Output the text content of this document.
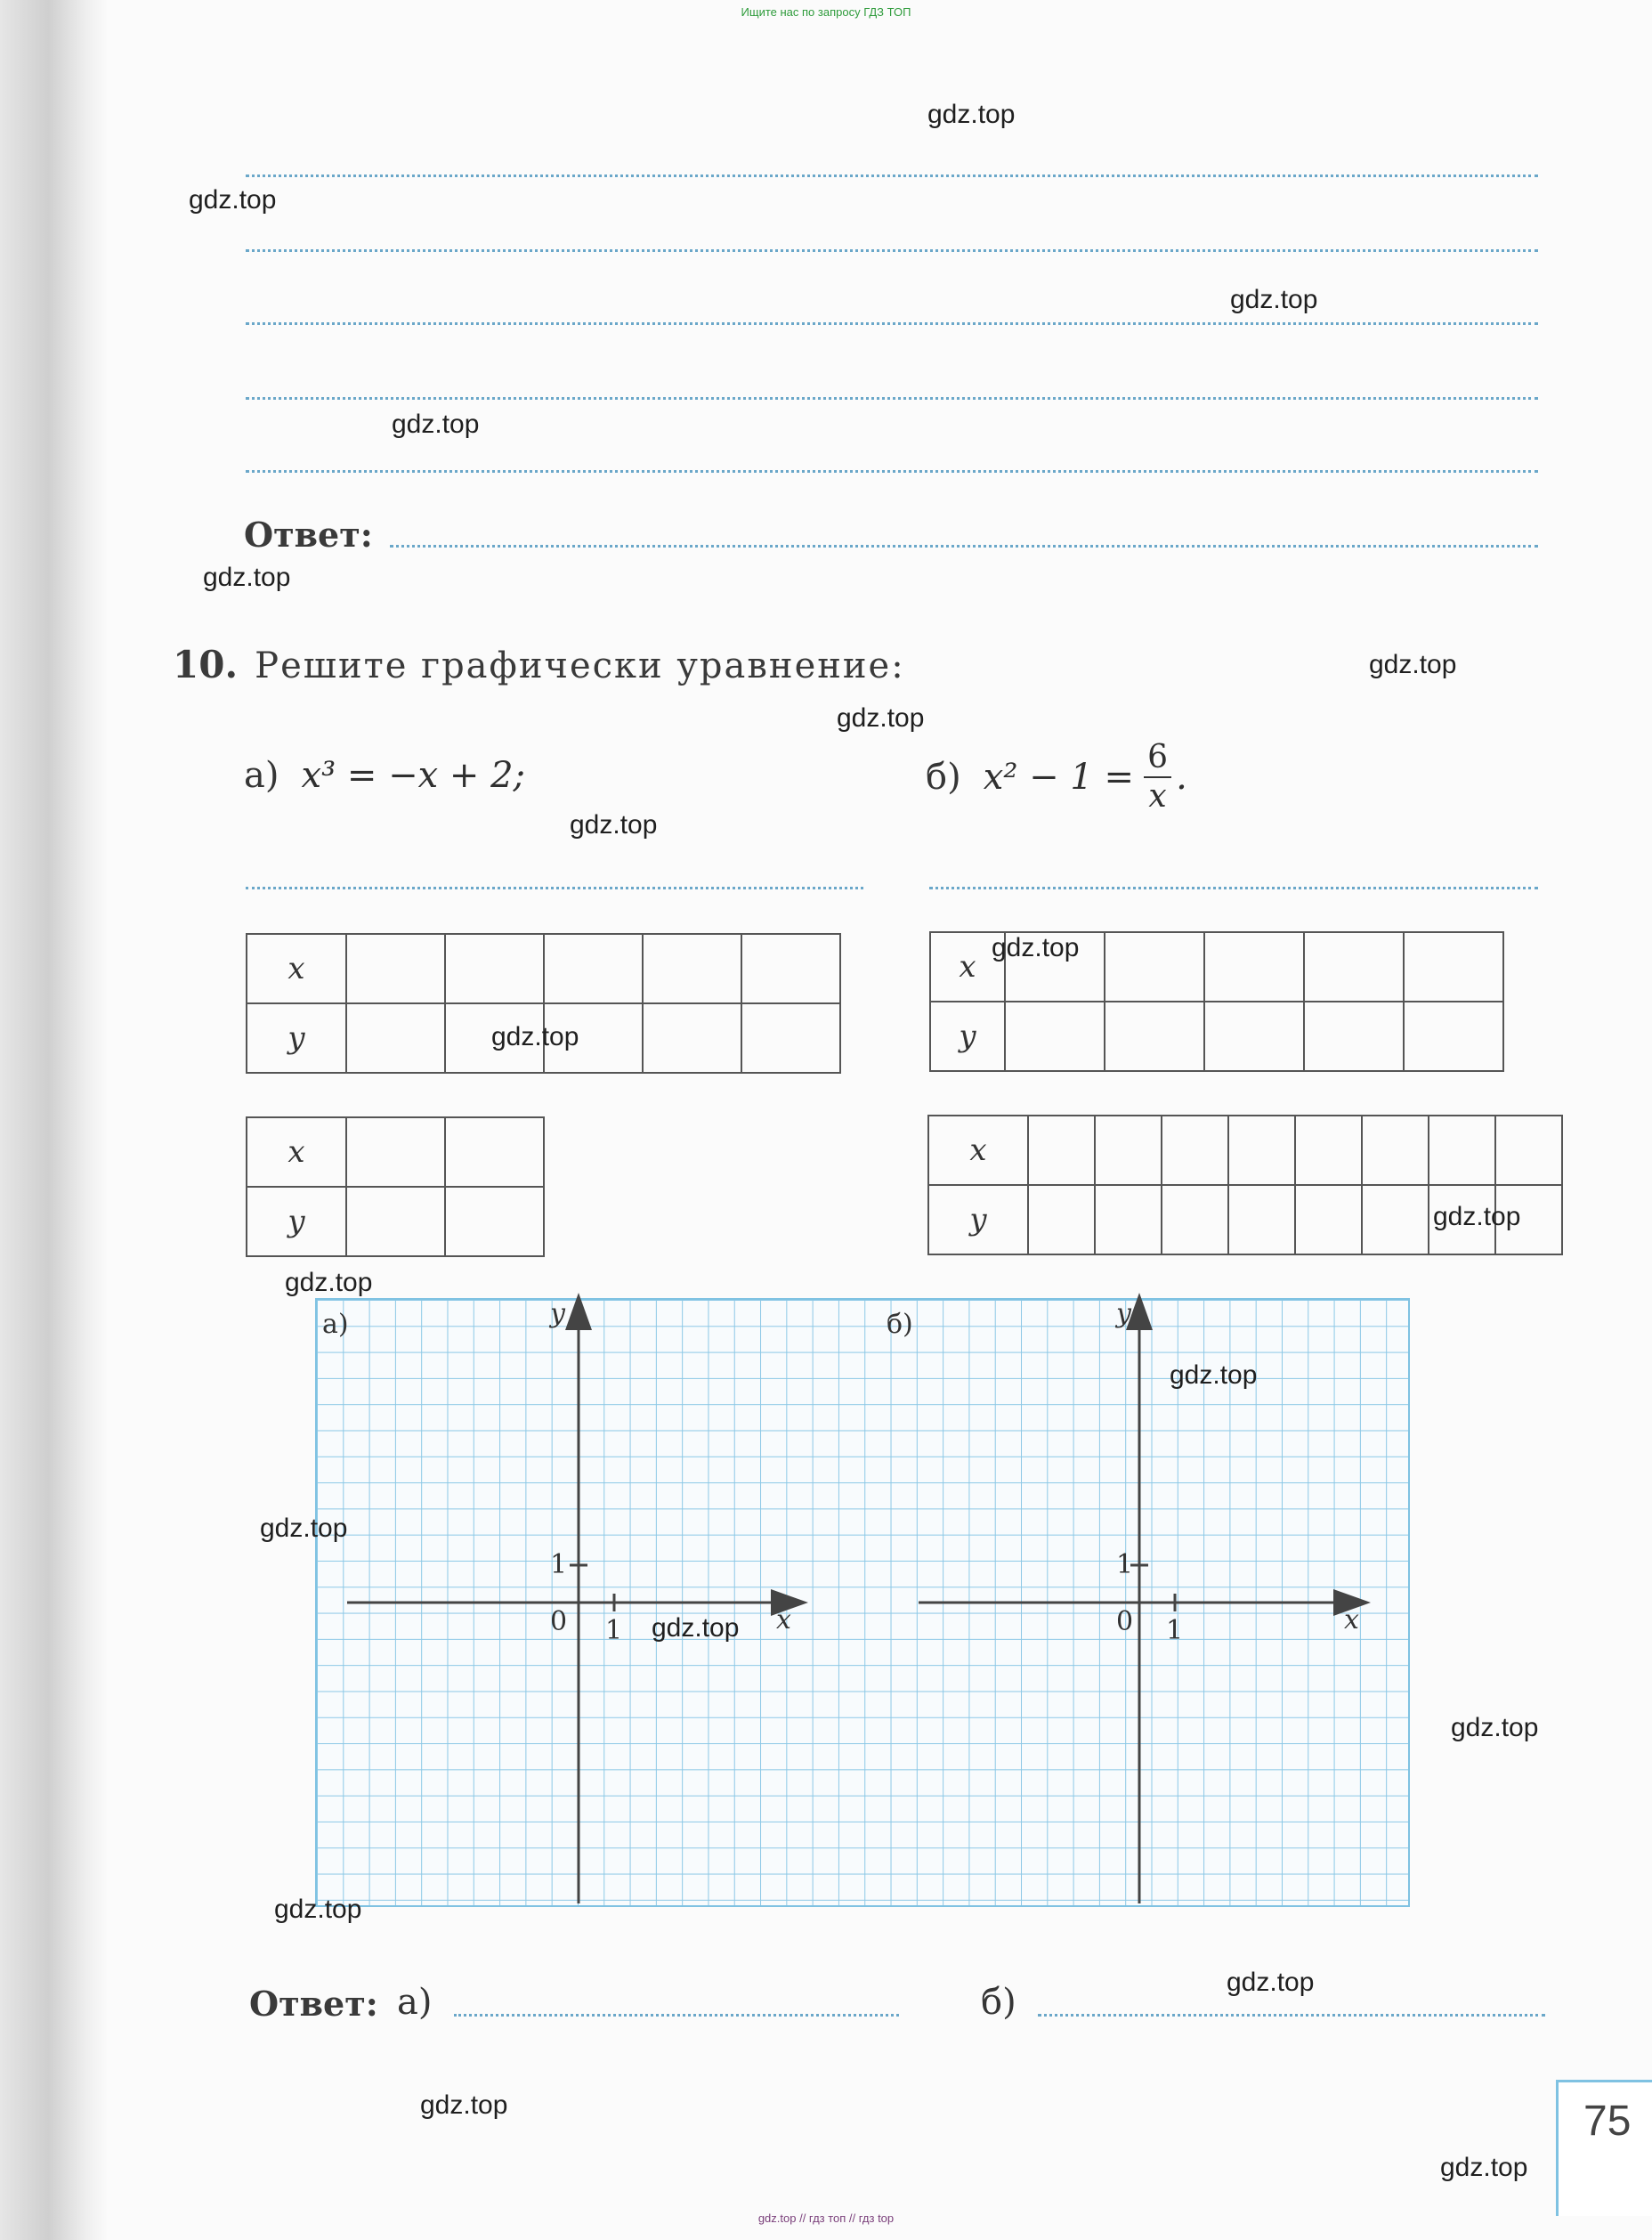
Ищите нас по запросу ГДЗ ТОП
Ответ:
10. Решите графически уравнение:
а) x³ = −x + 2;	б) $x^2 - 1 = \frac{6}{x}$ .
x					
y					
x					
y					
x		
y		
x								
y								
а)	y
1
0 1	x
б)	y
1
0 1	x
Ответ: а)	б)
75
gdz.top
gdz.top
gdz.top
gdz.top
gdz.top
gdz.top
gdz.top
gdz.top
gdz.top
gdz.top
gdz.top
gdz.top
gdz.top
gdz.top
gdz.top
gdz.top
gdz.top
gdz.top
gdz.top
gdz.top
gdz.top // гдз топ // гдз top
